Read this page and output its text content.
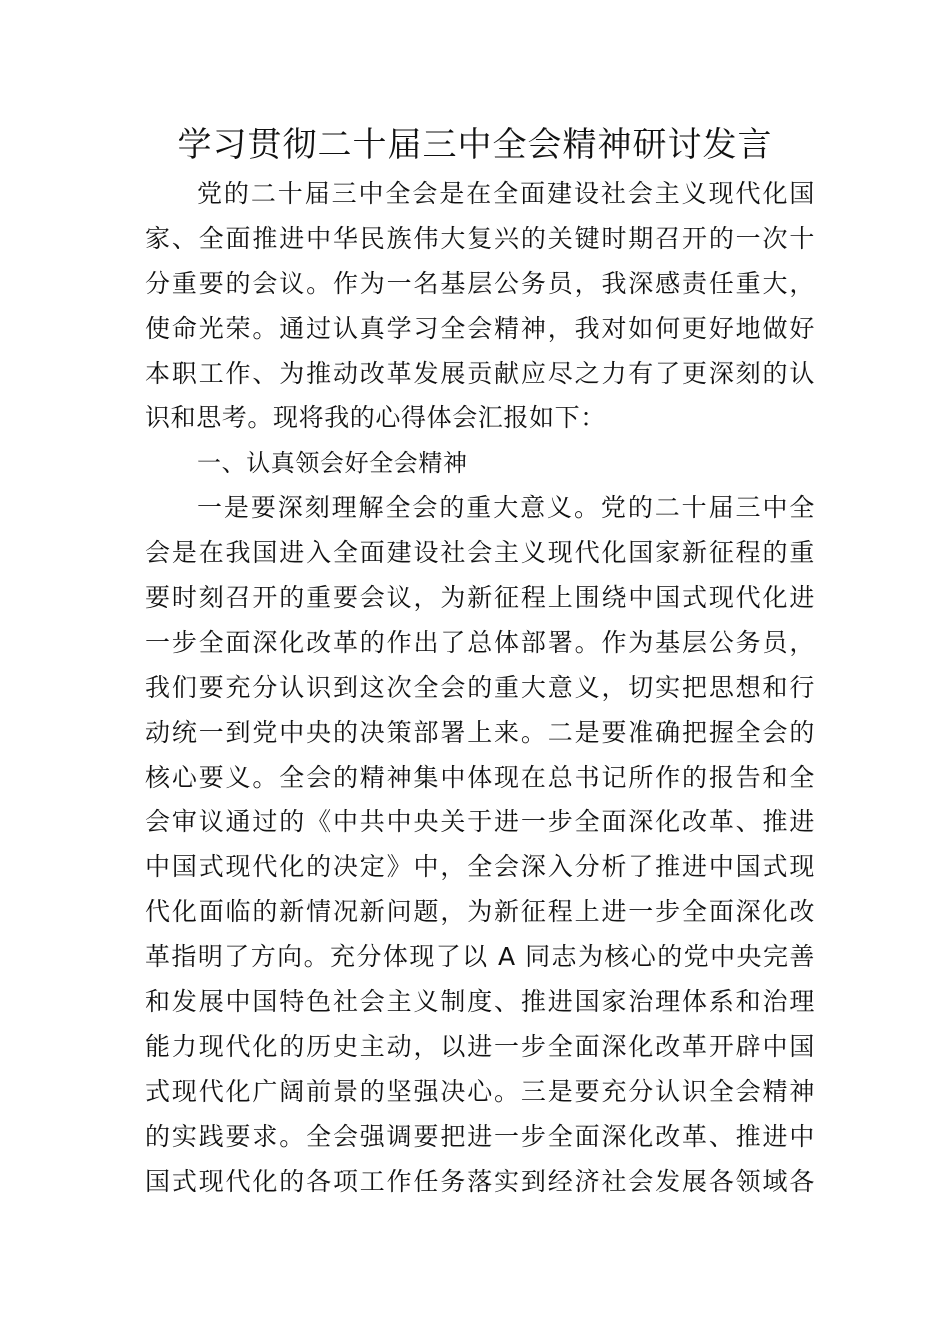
学习贯彻二十届三中全会精神研讨发言
党的二十届三中全会是在全面建设社会主义现代化国
家、全面推进中华民族伟大复兴的关键时期召开的一次十
分重要的会议。作为一名基层公务员，我深感责任重大，
使命光荣。通过认真学习全会精神，我对如何更好地做好
本职工作、为推动改革发展贡献应尽之力有了更深刻的认
识和思考。现将我的心得体会汇报如下：
一、认真领会好全会精神
一是要深刻理解全会的重大意义。党的二十届三中全
会是在我国进入全面建设社会主义现代化国家新征程的重
要时刻召开的重要会议，为新征程上围绕中国式现代化进
一步全面深化改革的作出了总体部署。作为基层公务员，
我们要充分认识到这次全会的重大意义，切实把思想和行
动统一到党中央的决策部署上来。二是要准确把握全会的
核心要义。全会的精神集中体现在总书记所作的报告和全
会审议通过的《中共中央关于进一步全面深化改革、推进
中国式现代化的决定》中，全会深入分析了推进中国式现
代化面临的新情况新问题，为新征程上进一步全面深化改
革指明了方向。充分体现了以 A 同志为核心的党中央完善
和发展中国特色社会主义制度、推进国家治理体系和治理
能力现代化的历史主动，以进一步全面深化改革开辟中国
式现代化广阔前景的坚强决心。三是要充分认识全会精神
的实践要求。全会强调要把进一步全面深化改革、推进中
国式现代化的各项工作任务落实到经济社会发展各领域各
